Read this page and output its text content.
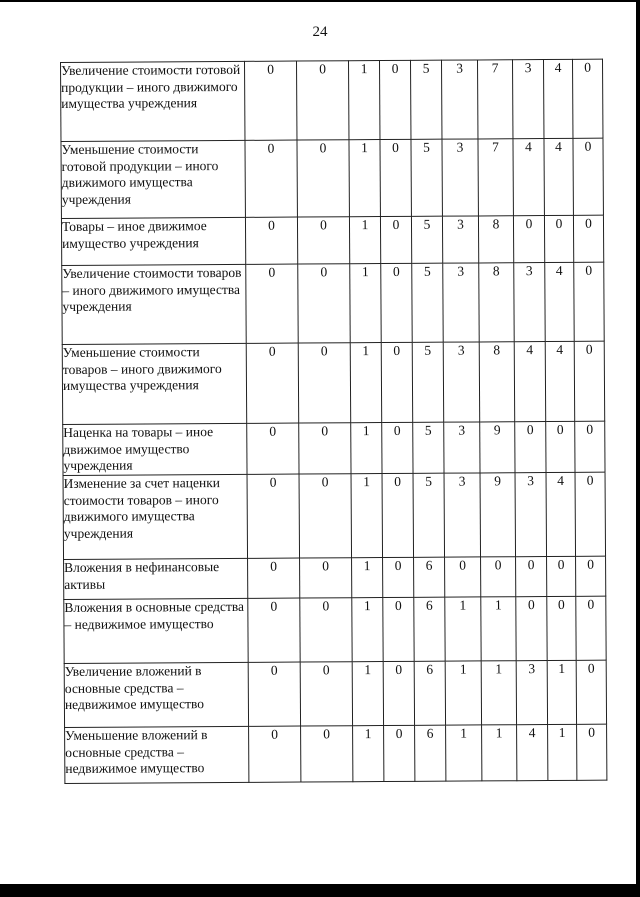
24
Увеличение стоимости готовой продукции – иного движимого имущества учреждения	0	0	1	0	5	3	7	3	4	0
Уменьшение стоимости готовой продукции – иного движимого имущества учреждения	0	0	1	0	5	3	7	4	4	0
Товары – иное движимое имущество учреждения	0	0	1	0	5	3	8	0	0	0
Увеличение стоимости товаров – иного движимого имущества учреждения	0	0	1	0	5	3	8	3	4	0
Уменьшение стоимости товаров – иного движимого имущества учреждения	0	0	1	0	5	3	8	4	4	0
Наценка на товары – иное движимое имущество учреждения	0	0	1	0	5	3	9	0	0	0
Изменение за счет наценки стоимости товаров – иного движимого имущества учреждения	0	0	1	0	5	3	9	3	4	0
Вложения в нефинансовые активы	0	0	1	0	6	0	0	0	0	0
Вложения в основные средства – недвижимое имущество	0	0	1	0	6	1	1	0	0	0
Увеличение вложений в основные средства – недвижимое имущество	0	0	1	0	6	1	1	3	1	0
Уменьшение вложений в основные средства – недвижимое имущество	0	0	1	0	6	1	1	4	1	0
